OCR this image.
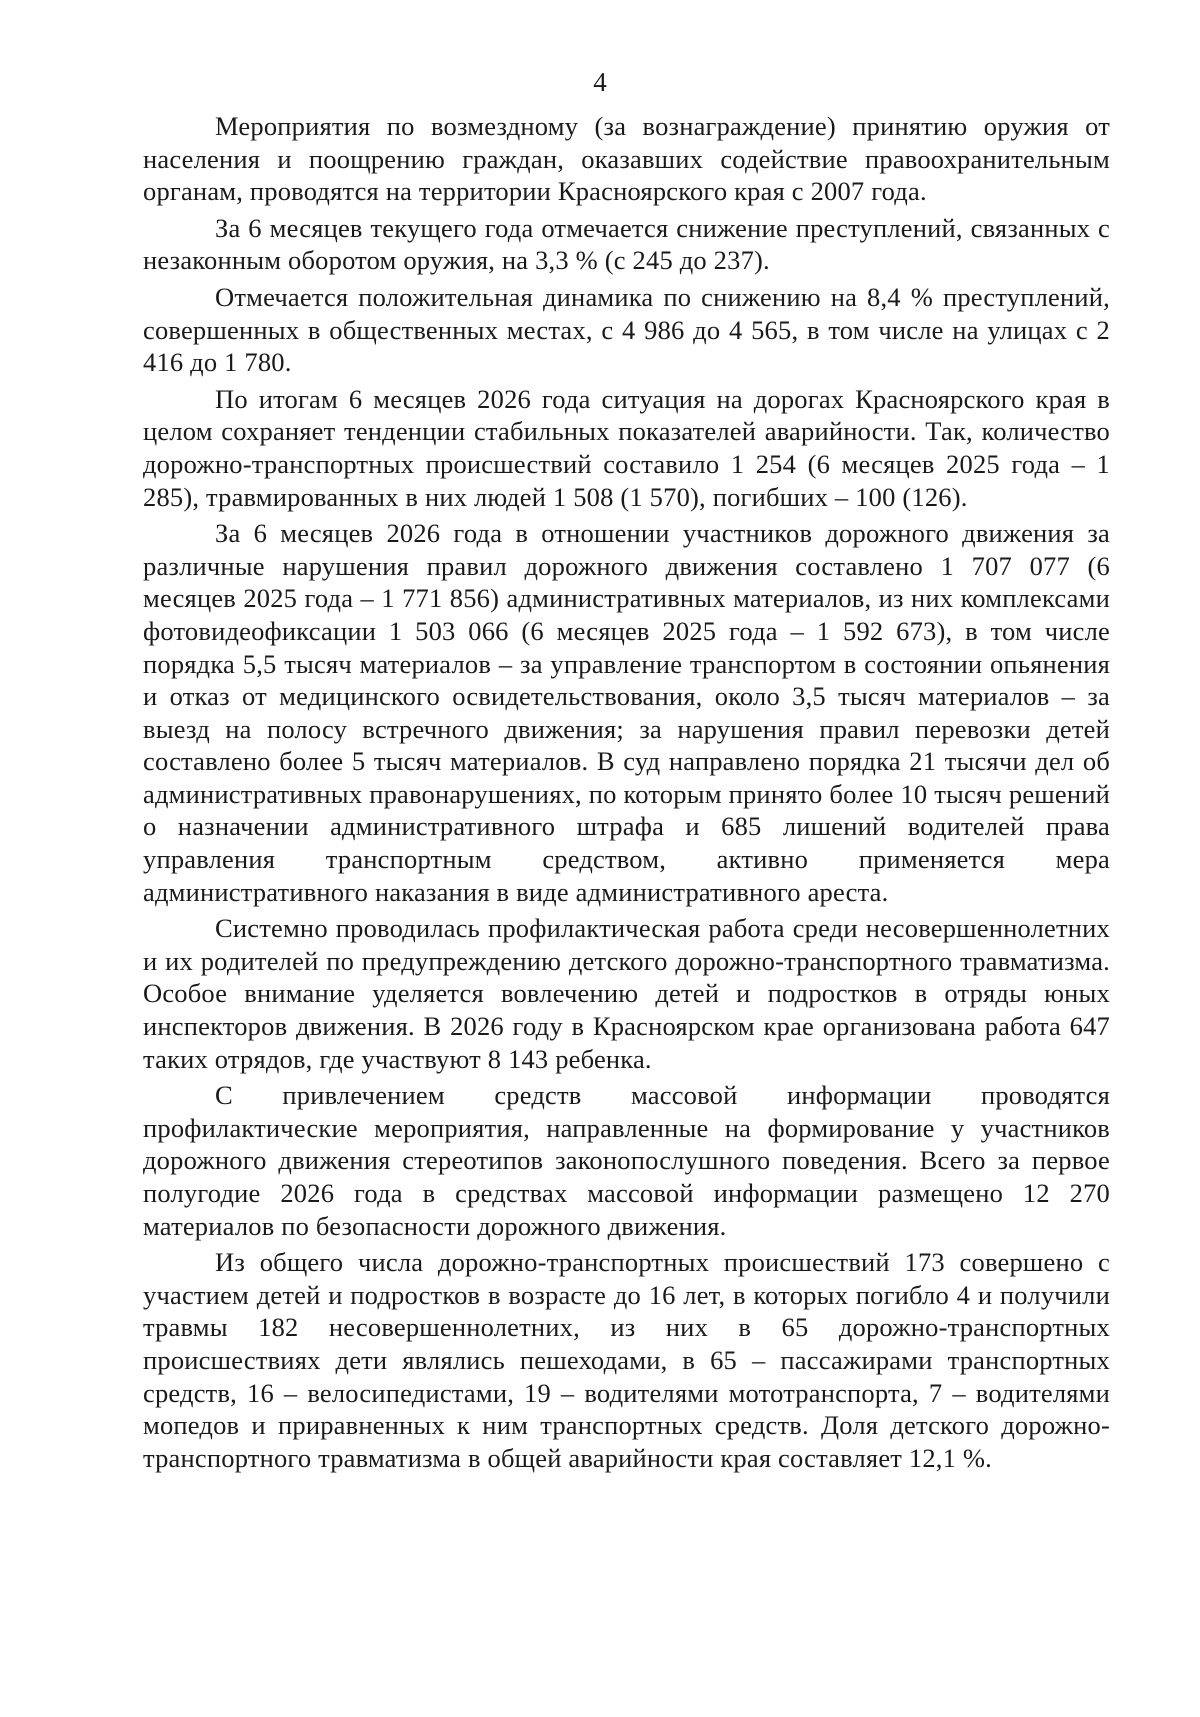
4

Мероприятия по возмездному (за вознаграждение) принятию оружия от населения и поощрению граждан, оказавших содействие правоохранительным органам, проводятся на территории Красноярского края с 2007 года.

За 6 месяцев текущего года отмечается снижение преступлений, связанных с незаконным оборотом оружия, на 3,3 % (с 245 до 237).

Отмечается положительная динамика по снижению на 8,4 % преступлений, совершенных в общественных местах, с 4 986 до 4 565, в том числе на улицах с 2 416 до 1 780.

По итогам 6 месяцев 2026 года ситуация на дорогах Красноярского края в целом сохраняет тенденции стабильных показателей аварийности. Так, количество дорожно-транспортных происшествий составило 1 254 (6 месяцев 2025 года – 1 285), травмированных в них людей 1 508 (1 570), погибших – 100 (126).

За 6 месяцев 2026 года в отношении участников дорожного движения за различные нарушения правил дорожного движения составлено 1 707 077 (6 месяцев 2025 года – 1 771 856) административных материалов, из них комплексами фотовидеофиксации 1 503 066 (6 месяцев 2025 года – 1 592 673), в том числе порядка 5,5 тысяч материалов – за управление транспортом в состоянии опьянения и отказ от медицинского освидетельствования, около 3,5 тысяч материалов – за выезд на полосу встречного движения; за нарушения правил перевозки детей составлено более 5 тысяч материалов. В суд направлено порядка 21 тысячи дел об административных правонарушениях, по которым принято более 10 тысяч решений о назначении административного штрафа и 685 лишений водителей права управления транспортным средством, активно применяется мера административного наказания в виде административного ареста.

Системно проводилась профилактическая работа среди несовершеннолетних и их родителей по предупреждению детского дорожно-транспортного травматизма. Особое внимание уделяется вовлечению детей и подростков в отряды юных инспекторов движения. В 2026 году в Красноярском крае организована работа 647 таких отрядов, где участвуют 8 143 ребенка.

С привлечением средств массовой информации проводятся профилактические мероприятия, направленные на формирование у участников дорожного движения стереотипов законопослушного поведения. Всего за первое полугодие 2026 года в средствах массовой информации размещено 12 270 материалов по безопасности дорожного движения.

Из общего числа дорожно-транспортных происшествий 173 совершено с участием детей и подростков в возрасте до 16 лет, в которых погибло 4 и получили травмы 182 несовершеннолетних, из них в 65 дорожно-транспортных происшествиях дети являлись пешеходами, в 65 – пассажирами транспортных средств, 16 – велосипедистами, 19 – водителями мототранспорта, 7 – водителями мопедов и приравненных к ним транспортных средств. Доля детского дорожно-транспортного травматизма в общей аварийности края составляет 12,1 %.
